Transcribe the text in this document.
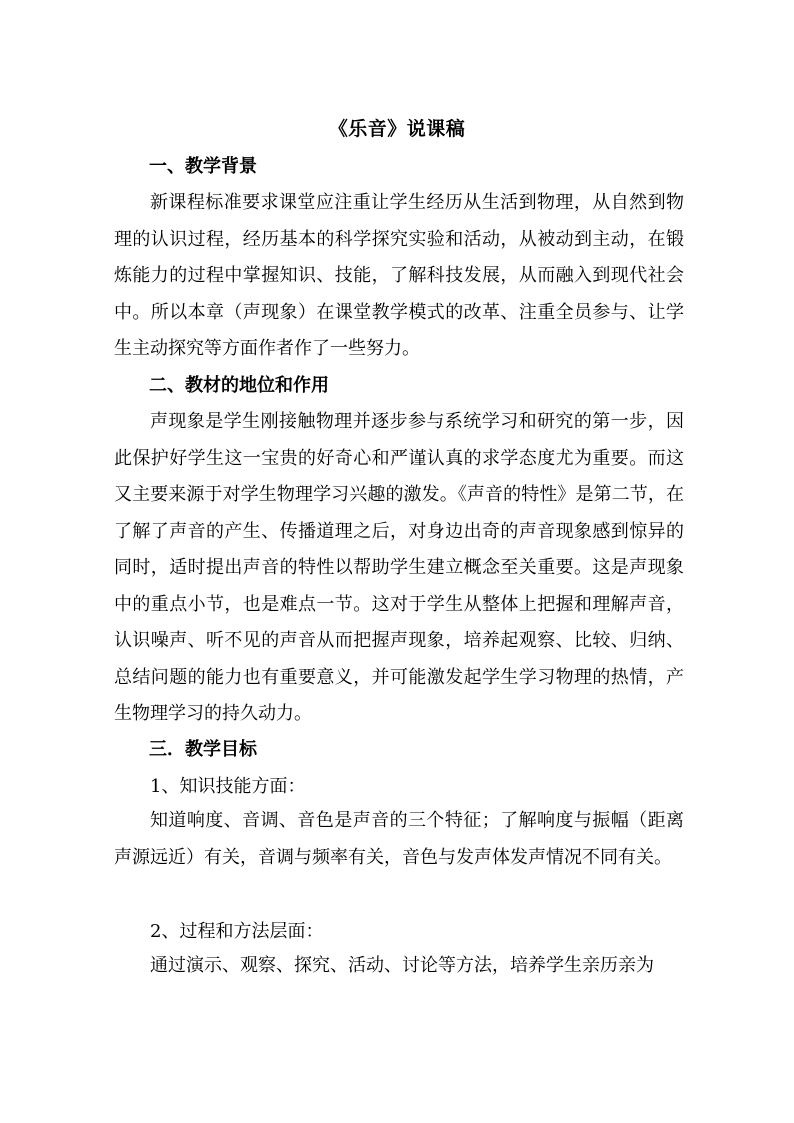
《乐音》说课稿
一、教学背景

新课程标准要求课堂应注重让学生经历从生活到物理，从自然到物理的认识过程，经历基本的科学探究实验和活动，从被动到主动，在锻炼能力的过程中掌握知识、技能，了解科技发展，从而融入到现代社会中。所以本章（声现象）在课堂教学模式的改革、注重全员参与、让学生主动探究等方面作者作了一些努力。

二、教材的地位和作用

声现象是学生刚接触物理并逐步参与系统学习和研究的第一步，因此保护好学生这一宝贵的好奇心和严谨认真的求学态度尤为重要。而这又主要来源于对学生物理学习兴趣的激发。《声音的特性》是第二节，在了解了声音的产生、传播道理之后，对身边出奇的声音现象感到惊异的同时，适时提出声音的特性以帮助学生建立概念至关重要。这是声现象中的重点小节，也是难点一节。这对于学生从整体上把握和理解声音，认识噪声、听不见的声音从而把握声现象，培养起观察、比较、归纳、总结问题的能力也有重要意义，并可能激发起学生学习物理的热情，产生物理学习的持久动力。

三．教学目标
1、知识技能方面：

知道响度、音调、音色是声音的三个特征；了解响度与振幅（距离声源远近）有关，音调与频率有关，音色与发声体发声情况不同有关。

2、过程和方法层面：

通过演示、观察、探究、活动、讨论等方法，培养学生亲历亲为
